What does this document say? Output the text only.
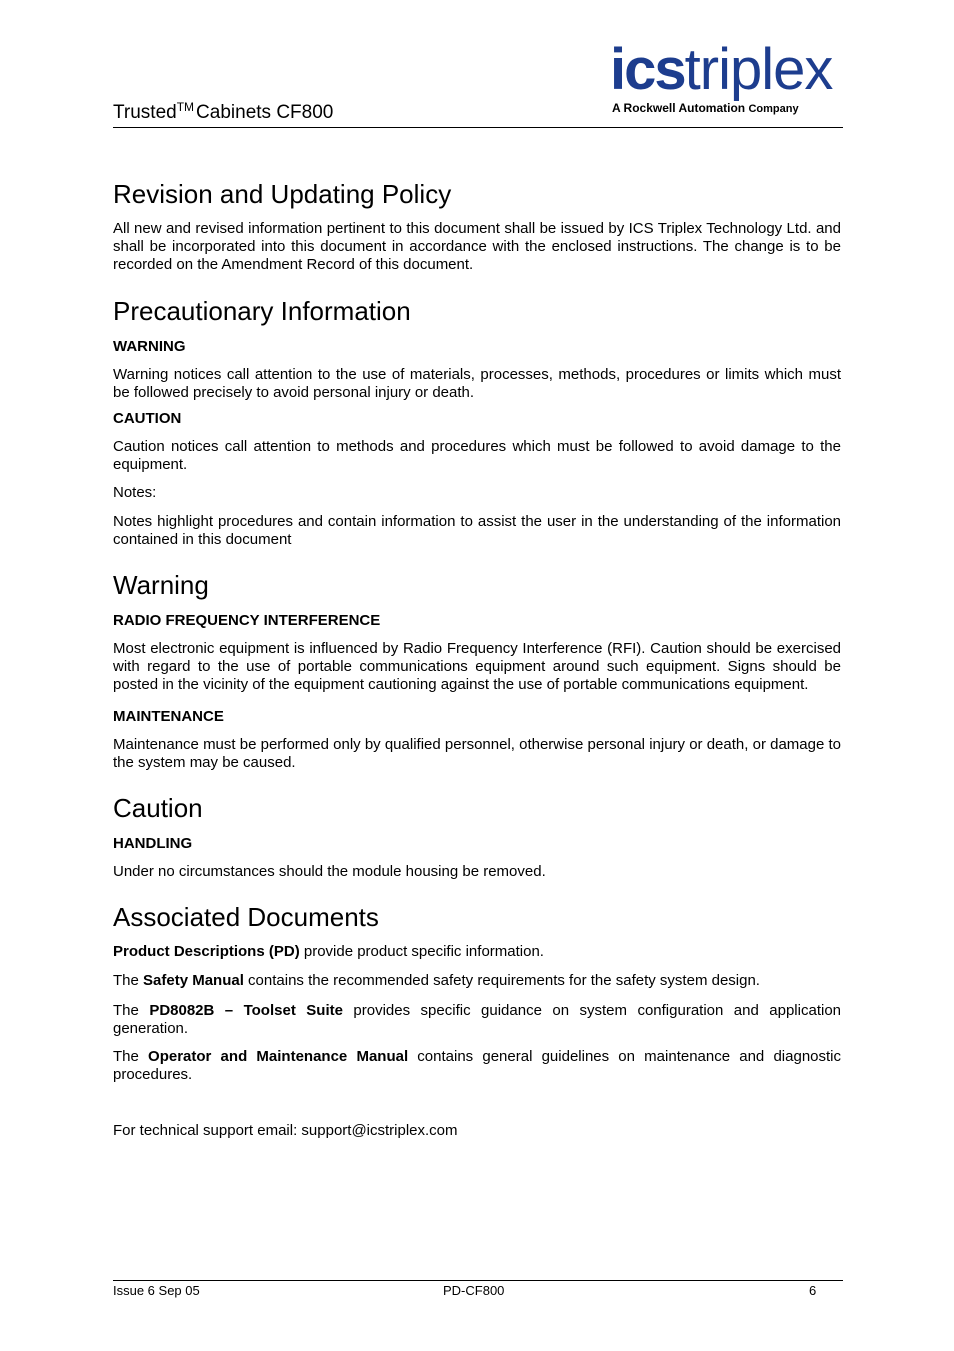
Trusted™ Cabinets CF800
icstriplex
A Rockwell Automation Company
Revision and Updating Policy

All new and revised information pertinent to this document shall be issued by ICS Triplex Technology Ltd. and shall be incorporated into this document in accordance with the enclosed instructions. The change is to be recorded on the Amendment Record of this document.

Precautionary Information
WARNING

Warning notices call attention to the use of materials, processes, methods, procedures or limits which must be followed precisely to avoid personal injury or death.

CAUTION

Caution notices call attention to methods and procedures which must be followed to avoid damage to the equipment.

Notes:

Notes highlight procedures and contain information to assist the user in the understanding of the information contained in this document

Warning
RADIO FREQUENCY INTERFERENCE

Most electronic equipment is influenced by Radio Frequency Interference (RFI). Caution should be exercised with regard to the use of portable communications equipment around such equipment. Signs should be posted in the vicinity of the equipment cautioning against the use of portable communications equipment.

MAINTENANCE

Maintenance must be performed only by qualified personnel, otherwise personal injury or death, or damage to the system may be caused.

Caution
HANDLING

Under no circumstances should the module housing be removed.

Associated Documents

Product Descriptions (PD) provide product specific information.

The Safety Manual contains the recommended safety requirements for the safety system design.

The PD8082B – Toolset Suite provides specific guidance on system configuration and application generation.

The Operator and Maintenance Manual contains general guidelines on maintenance and diagnostic procedures.

For technical support email: support@icstriplex.com

Issue 6 Sep 05	PD-CF800	6
